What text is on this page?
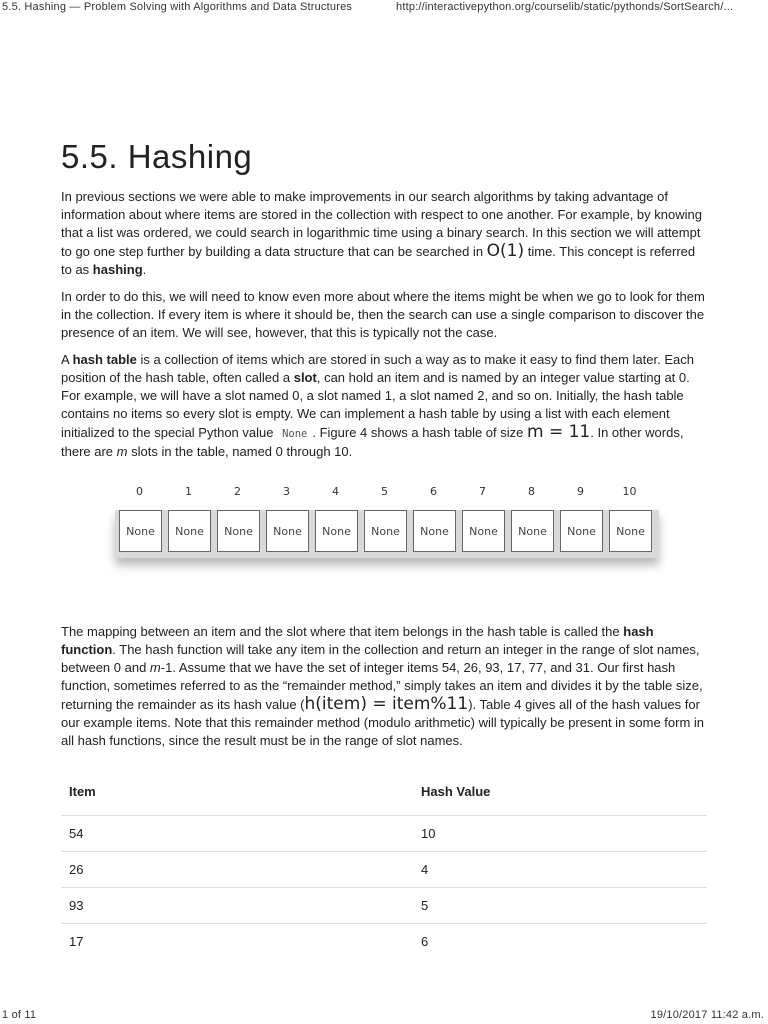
5.5. Hashing — Problem Solving with Algorithms and Data Structures	http://interactivepython.org/courselib/static/pythonds/SortSearch/...
5.5. Hashing

In previous sections we were able to make improvements in our search algorithms by taking advantage of information about where items are stored in the collection with respect to one another. For example, by knowing that a list was ordered, we could search in logarithmic time using a binary search. In this section we will attempt to go one step further by building a data structure that can be searched in O(1) time. This concept is referred to as hashing.

In order to do this, we will need to know even more about where the items might be when we go to look for them in the collection. If every item is where it should be, then the search can use a single comparison to discover the presence of an item. We will see, however, that this is typically not the case.

A hash table is a collection of items which are stored in such a way as to make it easy to find them later. Each position of the hash table, often called a slot, can hold an item and is named by an integer value starting at 0. For example, we will have a slot named 0, a slot named 1, a slot named 2, and so on. Initially, the hash table contains no items so every slot is empty. We can implement a hash table by using a list with each element initialized to the special Python value None . Figure 4 shows a hash table of size m = 11. In other words, there are m slots in the table, named 0 through 10.

0	1	2	3	4	5	6	7	8	9	10
None	None	None	None	None	None	None	None	None	None	None

The mapping between an item and the slot where that item belongs in the hash table is called the hash function. The hash function will take any item in the collection and return an integer in the range of slot names, between 0 and m-1. Assume that we have the set of integer items 54, 26, 93, 17, 77, and 31. Our first hash function, sometimes referred to as the “remainder method,” simply takes an item and divides it by the table size, returning the remainder as its hash value (h(item) = item%11). Table 4 gives all of the hash values for our example items. Note that this remainder method (modulo arithmetic) will typically be present in some form in all hash functions, since the result must be in the range of slot names.

Item	Hash Value
54	10
26	4
93	5
17	6
1 of 11	19/10/2017 11:42 a.m.
